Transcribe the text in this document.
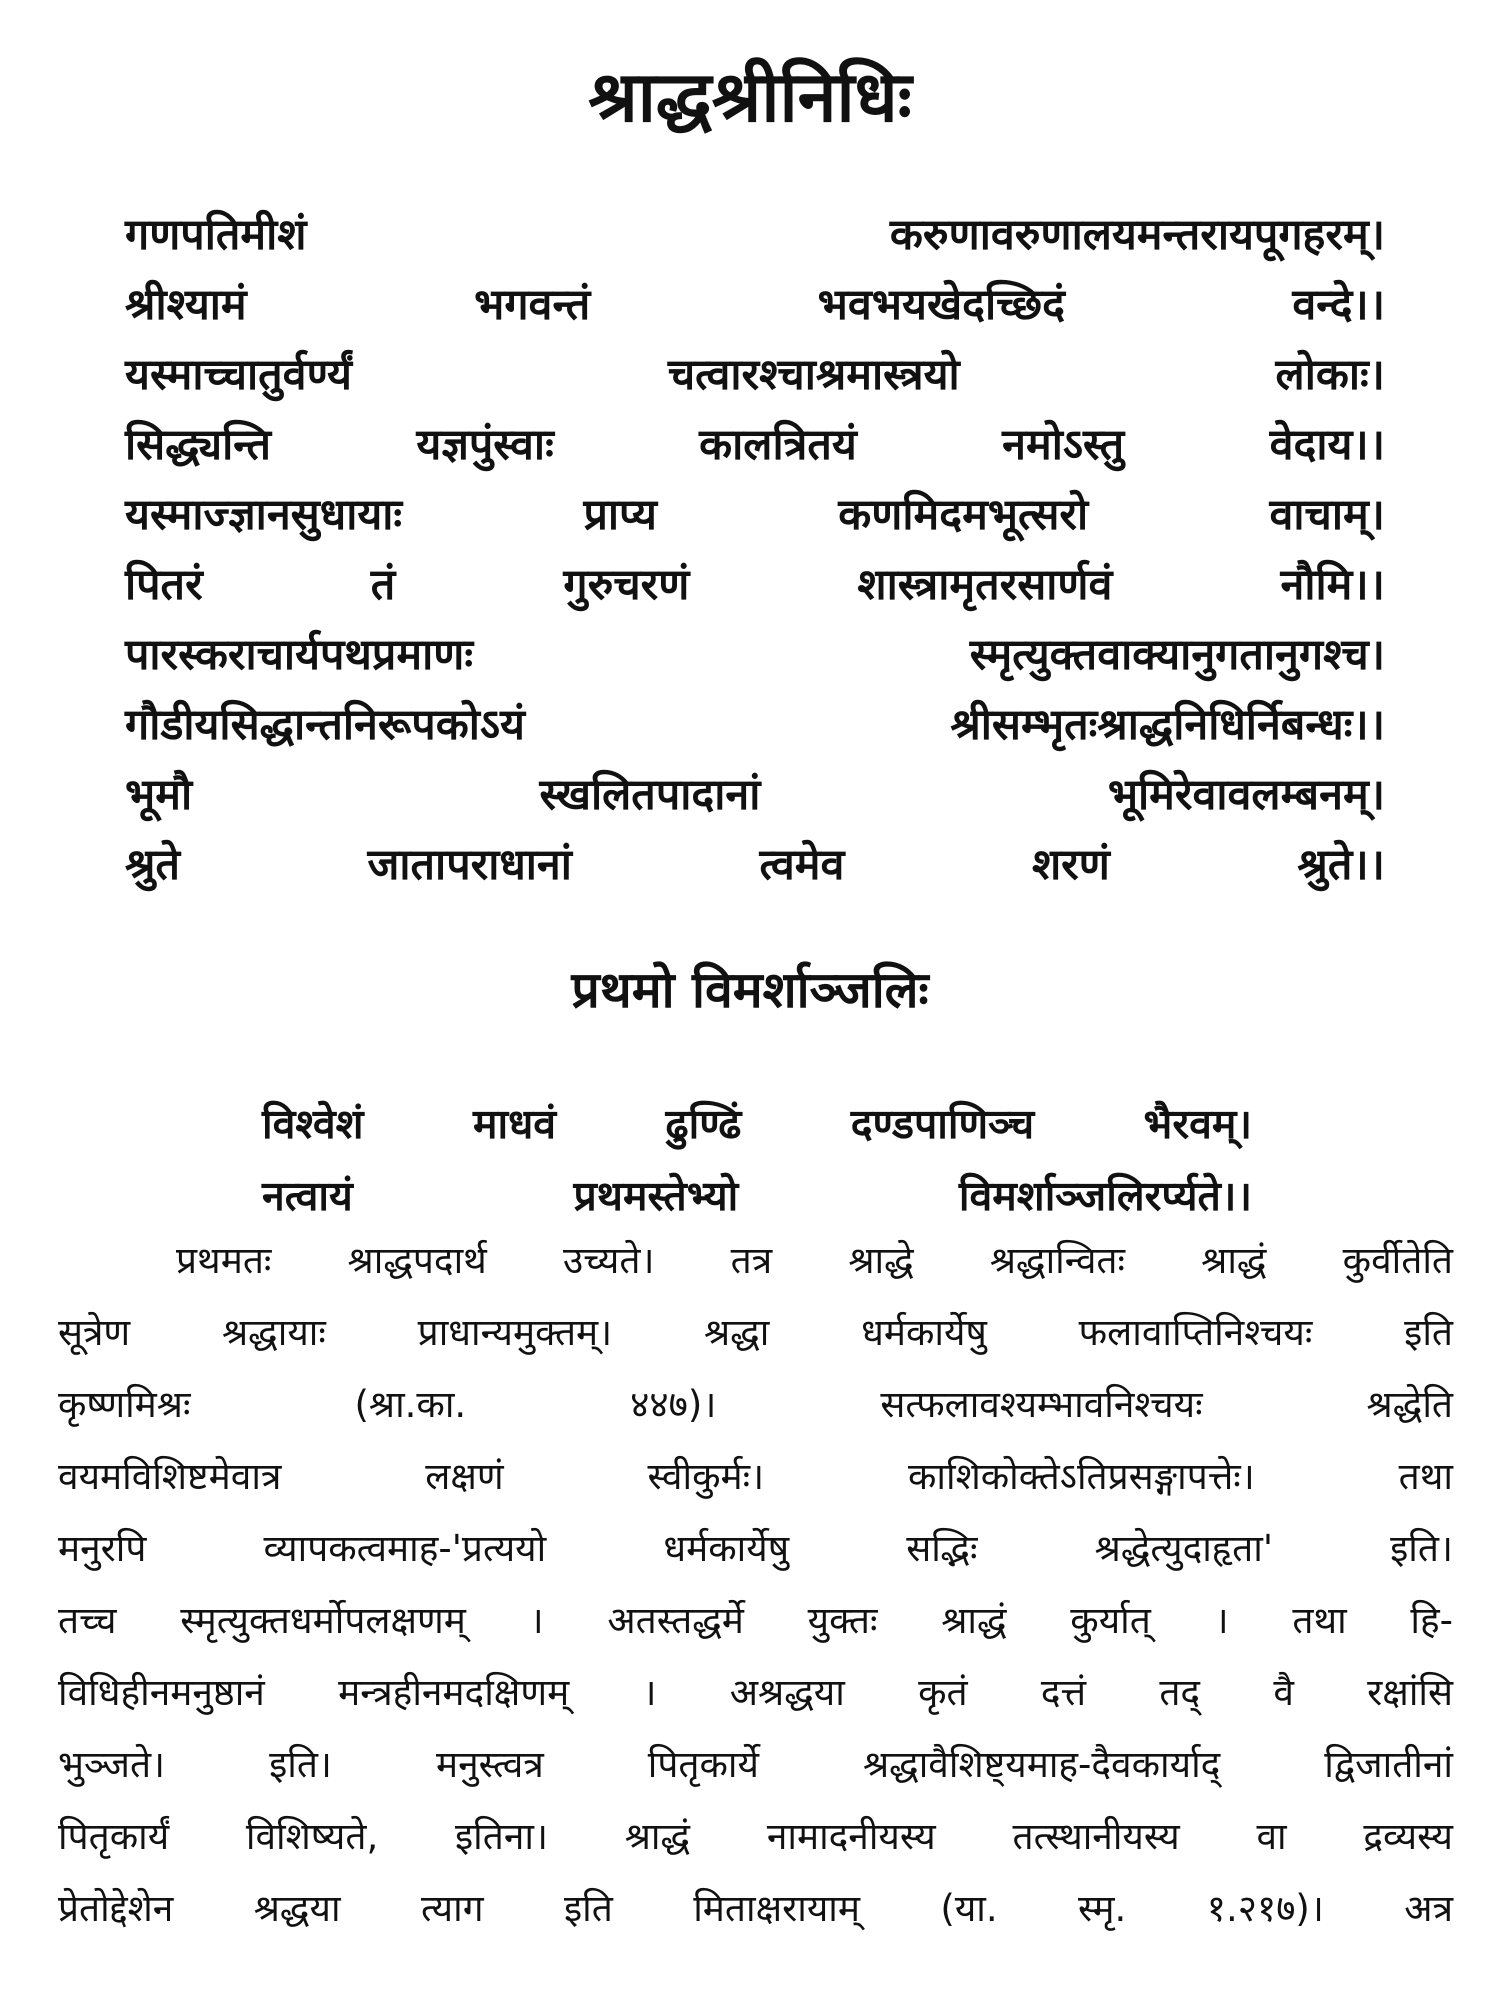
श्राद्धश्रीनिधिः
गणपतिमीशं	करुणावरुणालयमन्तरायपूगहरम्।
श्रीश्यामं	भगवन्तं	भवभयखेदच्छिदं	वन्दे।।
यस्माच्चातुर्वर्ण्यं	चत्वारश्चाश्रमास्त्रयो	लोकाः।
सिद्ध्यन्ति	यज्ञपुंस्वाः	कालत्रितयं	नमोऽस्तु	वेदाय।।
यस्माज्ज्ञानसुधायाः	प्राप्य	कणमिदमभूत्सरो	वाचाम्।
पितरं	तं	गुरुचरणं	शास्त्रामृतरसार्णवं	नौमि।।
पारस्कराचार्यपथप्रमाणः	स्मृत्युक्तवाक्यानुगतानुगश्च।
गौडीयसिद्धान्तनिरूपकोऽयं	श्रीसम्भृतःश्राद्धनिधिर्निबन्धः।।
भूमौ	स्खलितपादानां	भूमिरेवावलम्बनम्।
श्रुते	जातापराधानां	त्वमेव	शरणं	श्रुते।।
प्रथमो विमर्शाञ्जलिः
विश्वेशं	माधवं	ढुण्ढिं	दण्डपाणिञ्च	भैरवम्।
नत्वायं	प्रथमस्तेभ्यो	विमर्शाञ्जलिरर्प्यते।।
प्रथमतः श्राद्धपदार्थ उच्यते। तत्र श्राद्धे श्रद्धान्वितः श्राद्धं कुर्वीतेति
सूत्रेण श्रद्धायाः प्राधान्यमुक्तम्। श्रद्धा धर्मकार्येषु फलावाप्तिनिश्चयः इति
कृष्णमिश्रः (श्रा.का. ४४७)। सत्फलावश्यम्भावनिश्चयः श्रद्धेति
वयमविशिष्टमेवात्र लक्षणं स्वीकुर्मः। काशिकोक्तेऽतिप्रसङ्गापत्तेः। तथा
मनुरपि व्यापकत्वमाह-'प्रत्ययो धर्मकार्येषु सद्भिः श्रद्धेत्युदाहृता' इति।
तच्च स्मृत्युक्तधर्मोपलक्षणम् । अतस्तद्धर्मे युक्तः श्राद्धं कुर्यात् । तथा हि-
विधिहीनमनुष्ठानं मन्त्रहीनमदक्षिणम् । अश्रद्धया कृतं दत्तं तद् वै रक्षांसि
भुञ्जते। इति। मनुस्त्वत्र पितृकार्ये श्रद्धावैशिष्ट्यमाह-दैवकार्याद् द्विजातीनां
पितृकार्यं विशिष्यते, इतिना। श्राद्धं नामादनीयस्य तत्स्थानीयस्य वा द्रव्यस्य
प्रेतोद्देशेन श्रद्धया त्याग इति मिताक्षरायाम् (या. स्मृ. १.२१७)। अत्र
